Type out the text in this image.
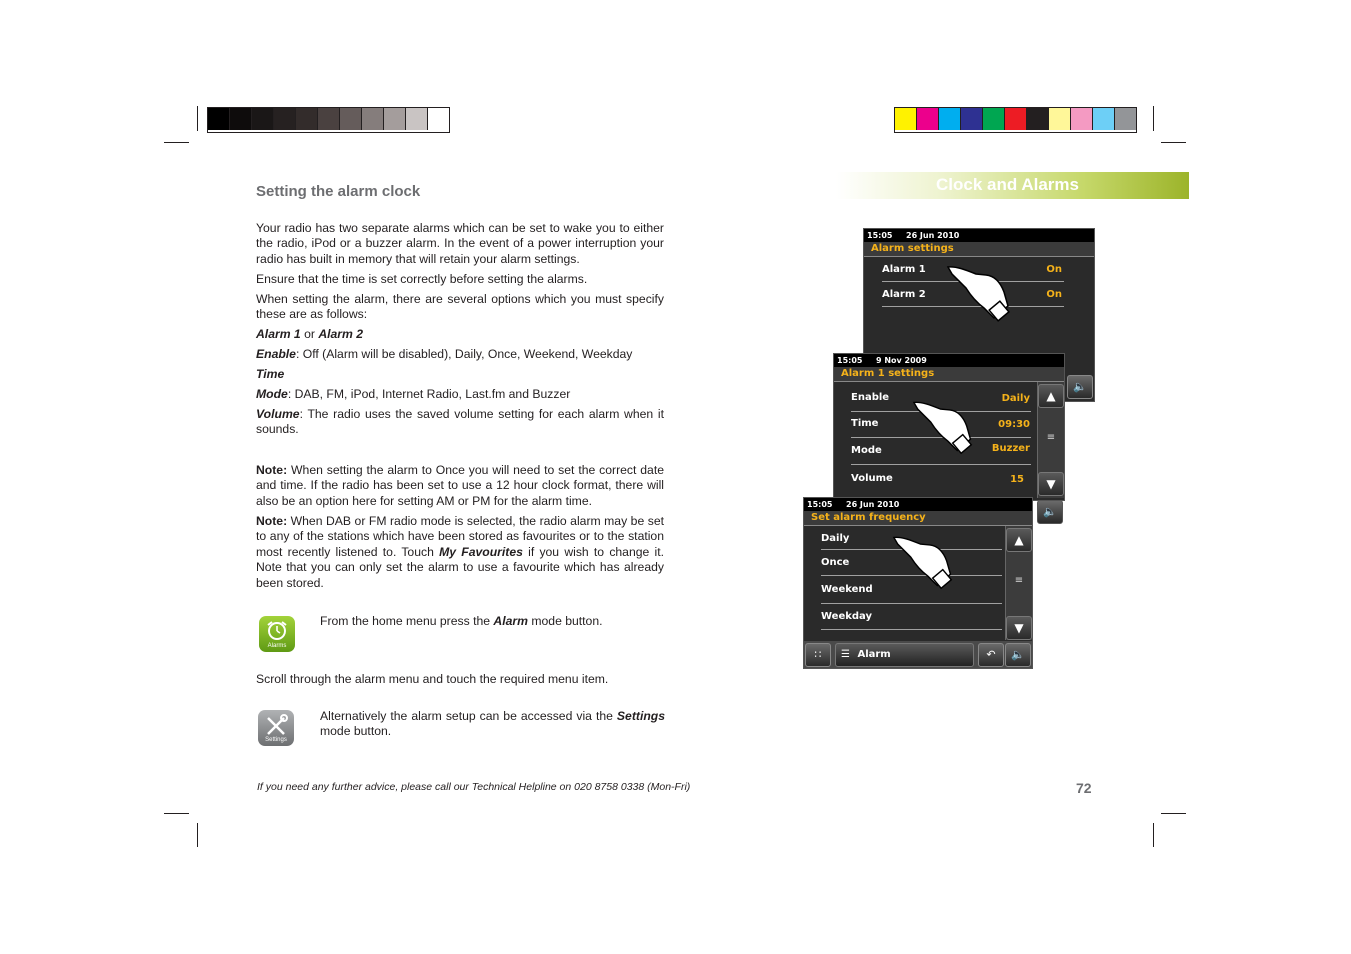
Clock and Alarms
Setting the alarm clock

Your radio has two separate alarms which can be set to wake you to either the radio, iPod or a buzzer alarm. In the event of a power interruption your radio has built in memory that will retain your alarm settings.

Ensure that the time is set correctly before setting the alarms.

When setting the alarm, there are several options which you must specify these are as follows:

Alarm 1 or Alarm 2

Enable: Off (Alarm will be disabled), Daily, Once, Weekend, Weekday

Time

Mode: DAB, FM, iPod, Internet Radio, Last.fm and Buzzer

Volume: The radio uses the saved volume setting for each alarm when it sounds.

Note: When setting the alarm to Once you will need to set the correct date and time. If the radio has been set to use a 12 hour clock format, there will also be an option here for setting AM or PM for the alarm time.

Note: When DAB or FM radio mode is selected, the radio alarm may be set to any of the stations which have been stored as favourites or to the station most recently listened to. Touch My Favourites if you wish to change it. Note that you can only set the alarm to use a favourite which has already been stored.

Alarms

From the home menu press the Alarm mode button.

Scroll through the alarm menu and touch the required menu item.

Settings

Alternatively the alarm setup can be accessed via the Settings mode button.

If you need any further advice, please call our Technical Helpline on 020 8758 0338 (Mon-Fri)	72
15:05 26 Jun 2010
Alarm settings
Alarm 1	On
Alarm 2	On
🔈
15:05 9 Nov 2009
Alarm 1 settings
Enable	Daily
Time	09:30
Mode	Buzzer
Volume	15
▲
≡
▼
🔈
15:05 26 Jun 2010
Set alarm frequency
Daily
Once
Weekend
Weekday
▲
≡
▼
∷	☰ Alarm	↶	🔈
